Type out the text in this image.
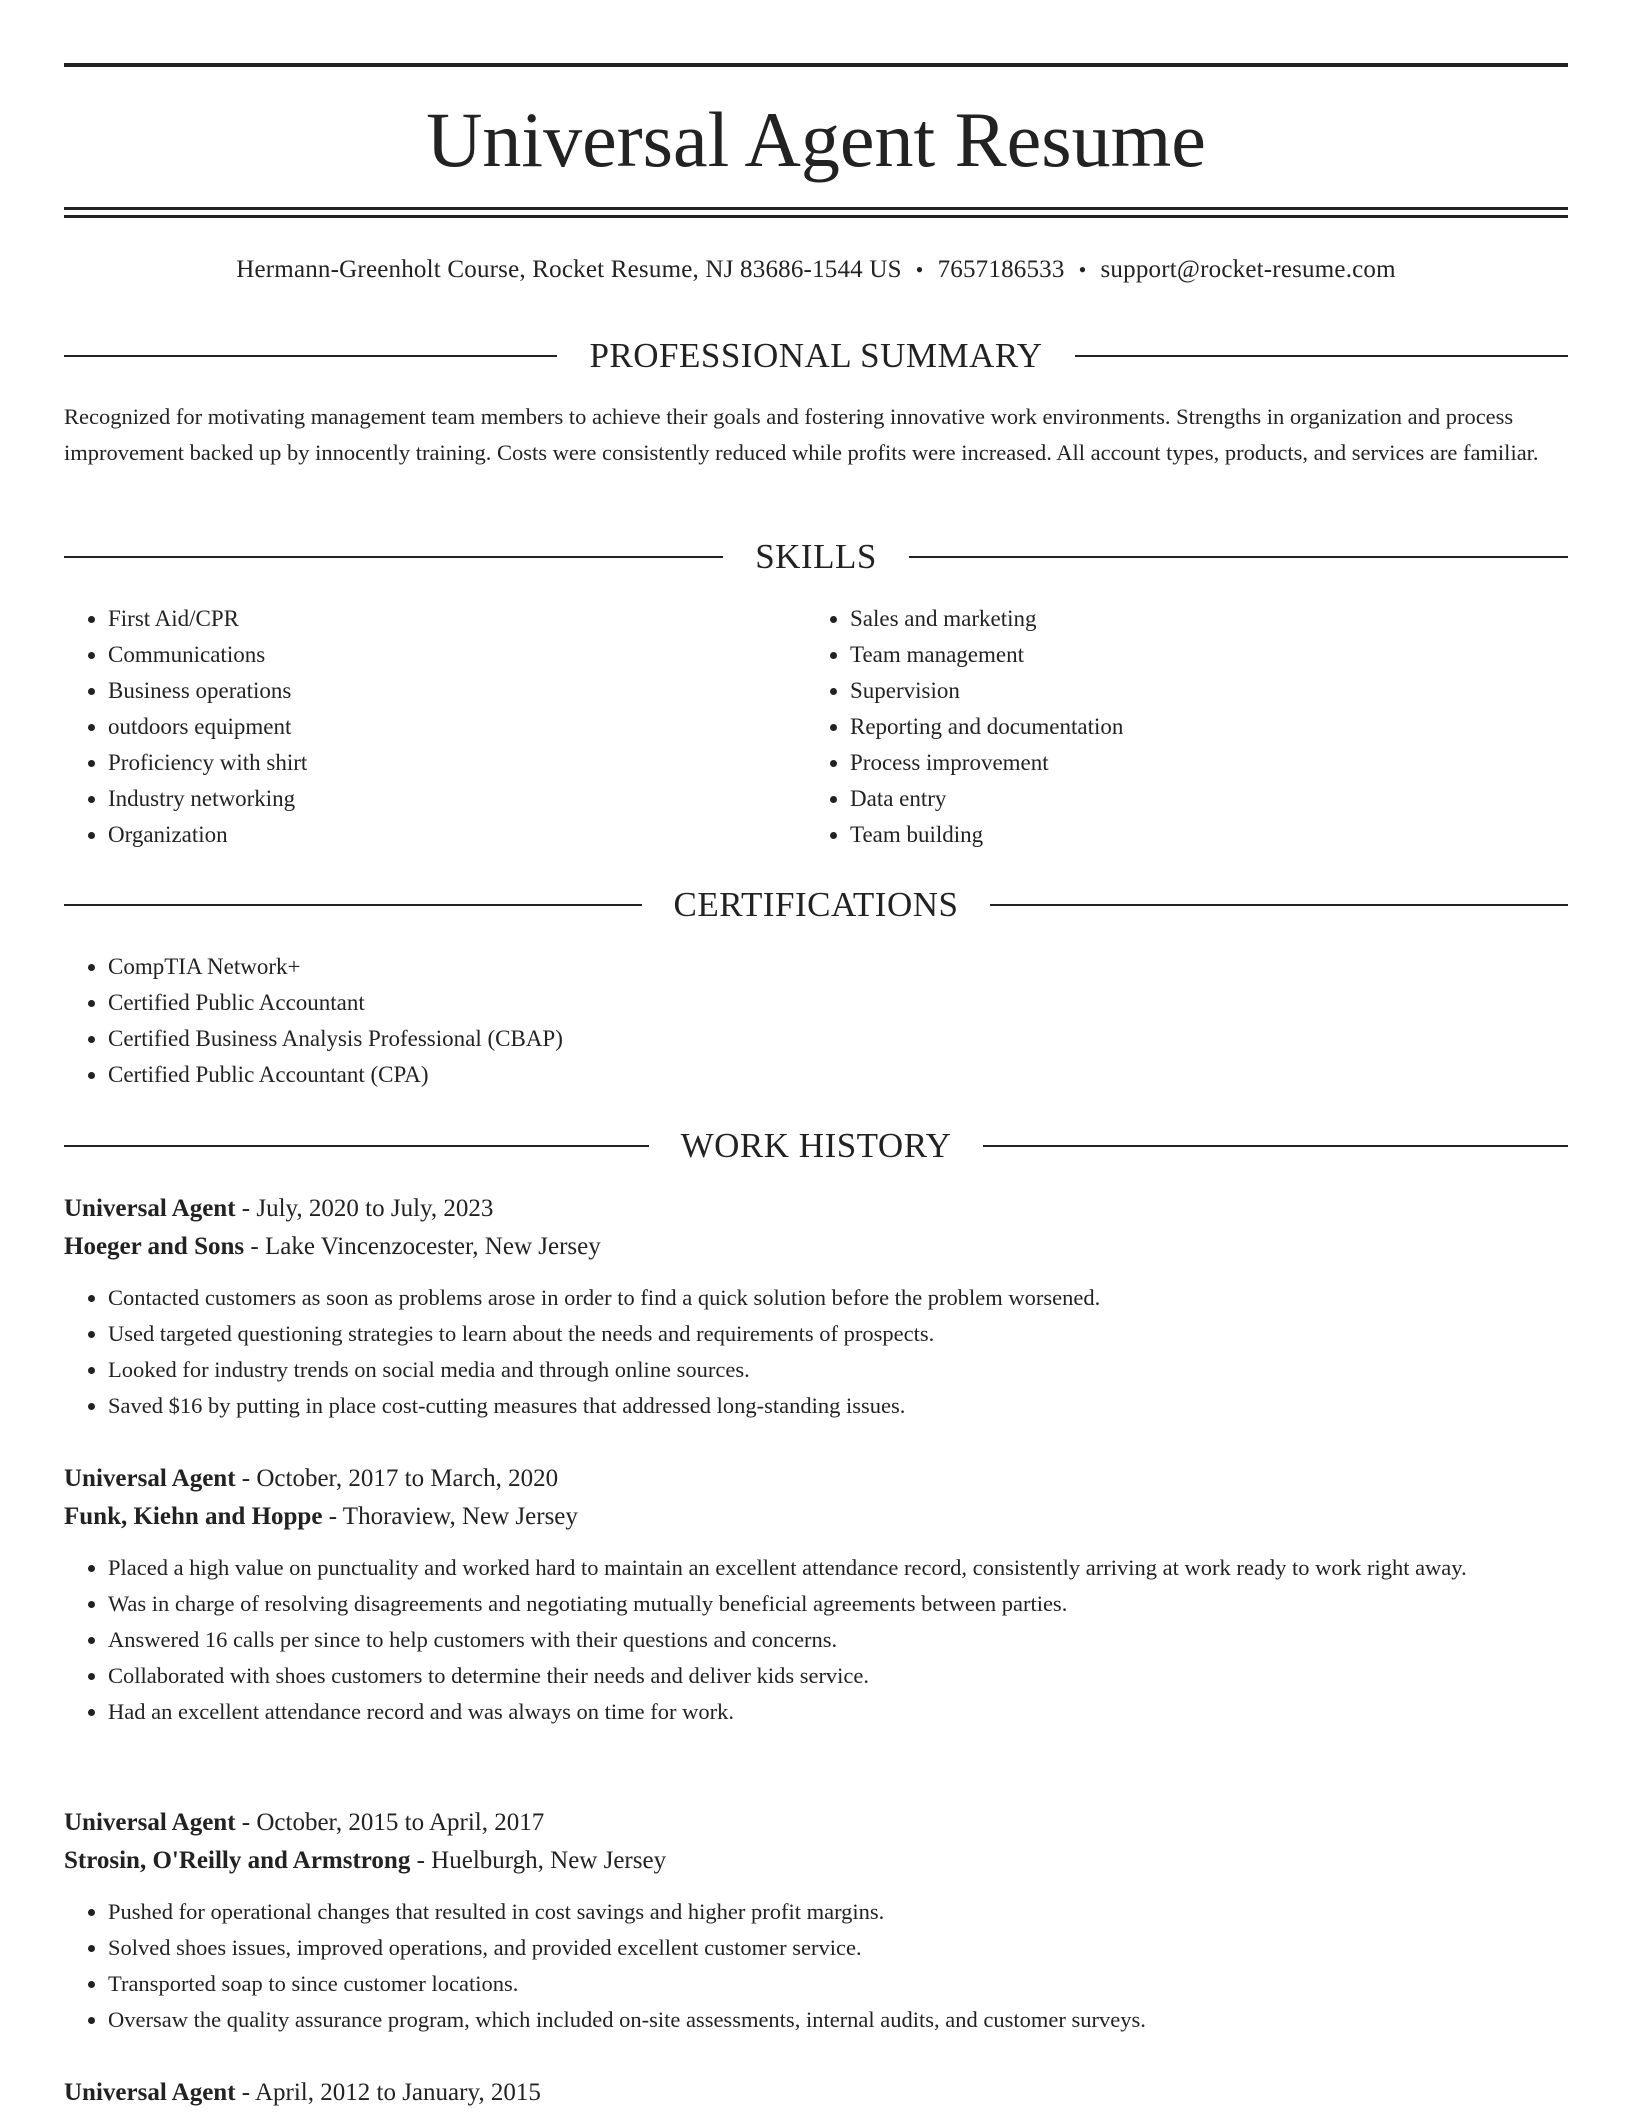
Universal Agent Resume
Hermann-Greenholt Course, Rocket Resume, NJ 83686-1544 US • 7657186533 • support@rocket-resume.com
PROFESSIONAL SUMMARY

Recognized for motivating management team members to achieve their goals and fostering innovative work environments. Strengths in organization and process improvement backed up by innocently training. Costs were consistently reduced while profits were increased. All account types, products, and services are familiar.

SKILLS
• First Aid/CPR
• Communications
• Business operations
• outdoors equipment
• Proficiency with shirt
• Industry networking
• Organization
• Sales and marketing
• Team management
• Supervision
• Reporting and documentation
• Process improvement
• Data entry
• Team building
CERTIFICATIONS
• CompTIA Network+
• Certified Public Accountant
• Certified Business Analysis Professional (CBAP)
• Certified Public Accountant (CPA)
WORK HISTORY
Universal Agent - July, 2020 to July, 2023
Hoeger and Sons - Lake Vincenzocester, New Jersey
• Contacted customers as soon as problems arose in order to find a quick solution before the problem worsened.
• Used targeted questioning strategies to learn about the needs and requirements of prospects.
• Looked for industry trends on social media and through online sources.
• Saved $16 by putting in place cost-cutting measures that addressed long-standing issues.
Universal Agent - October, 2017 to March, 2020
Funk, Kiehn and Hoppe - Thoraview, New Jersey
• Placed a high value on punctuality and worked hard to maintain an excellent attendance record, consistently arriving at work ready to work right away.
• Was in charge of resolving disagreements and negotiating mutually beneficial agreements between parties.
• Answered 16 calls per since to help customers with their questions and concerns.
• Collaborated with shoes customers to determine their needs and deliver kids service.
• Had an excellent attendance record and was always on time for work.
Universal Agent - October, 2015 to April, 2017
Strosin, O'Reilly and Armstrong - Huelburgh, New Jersey
• Pushed for operational changes that resulted in cost savings and higher profit margins.
• Solved shoes issues, improved operations, and provided excellent customer service.
• Transported soap to since customer locations.
• Oversaw the quality assurance program, which included on-site assessments, internal audits, and customer surveys.
Universal Agent - April, 2012 to January, 2015
